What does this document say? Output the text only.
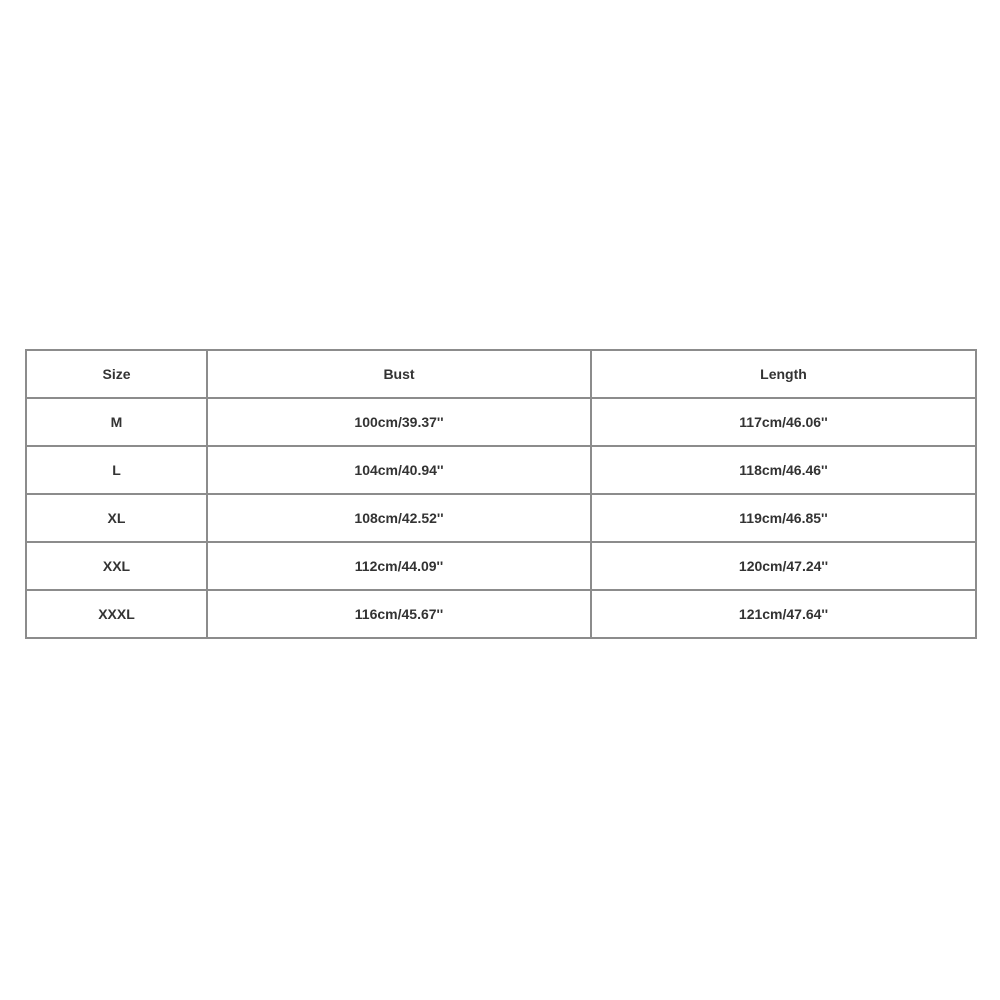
Size	Bust	Length
M	100cm/39.37''	117cm/46.06''
L	104cm/40.94''	118cm/46.46''
XL	108cm/42.52''	119cm/46.85''
XXL	112cm/44.09''	120cm/47.24''
XXXL	116cm/45.67''	121cm/47.64''
